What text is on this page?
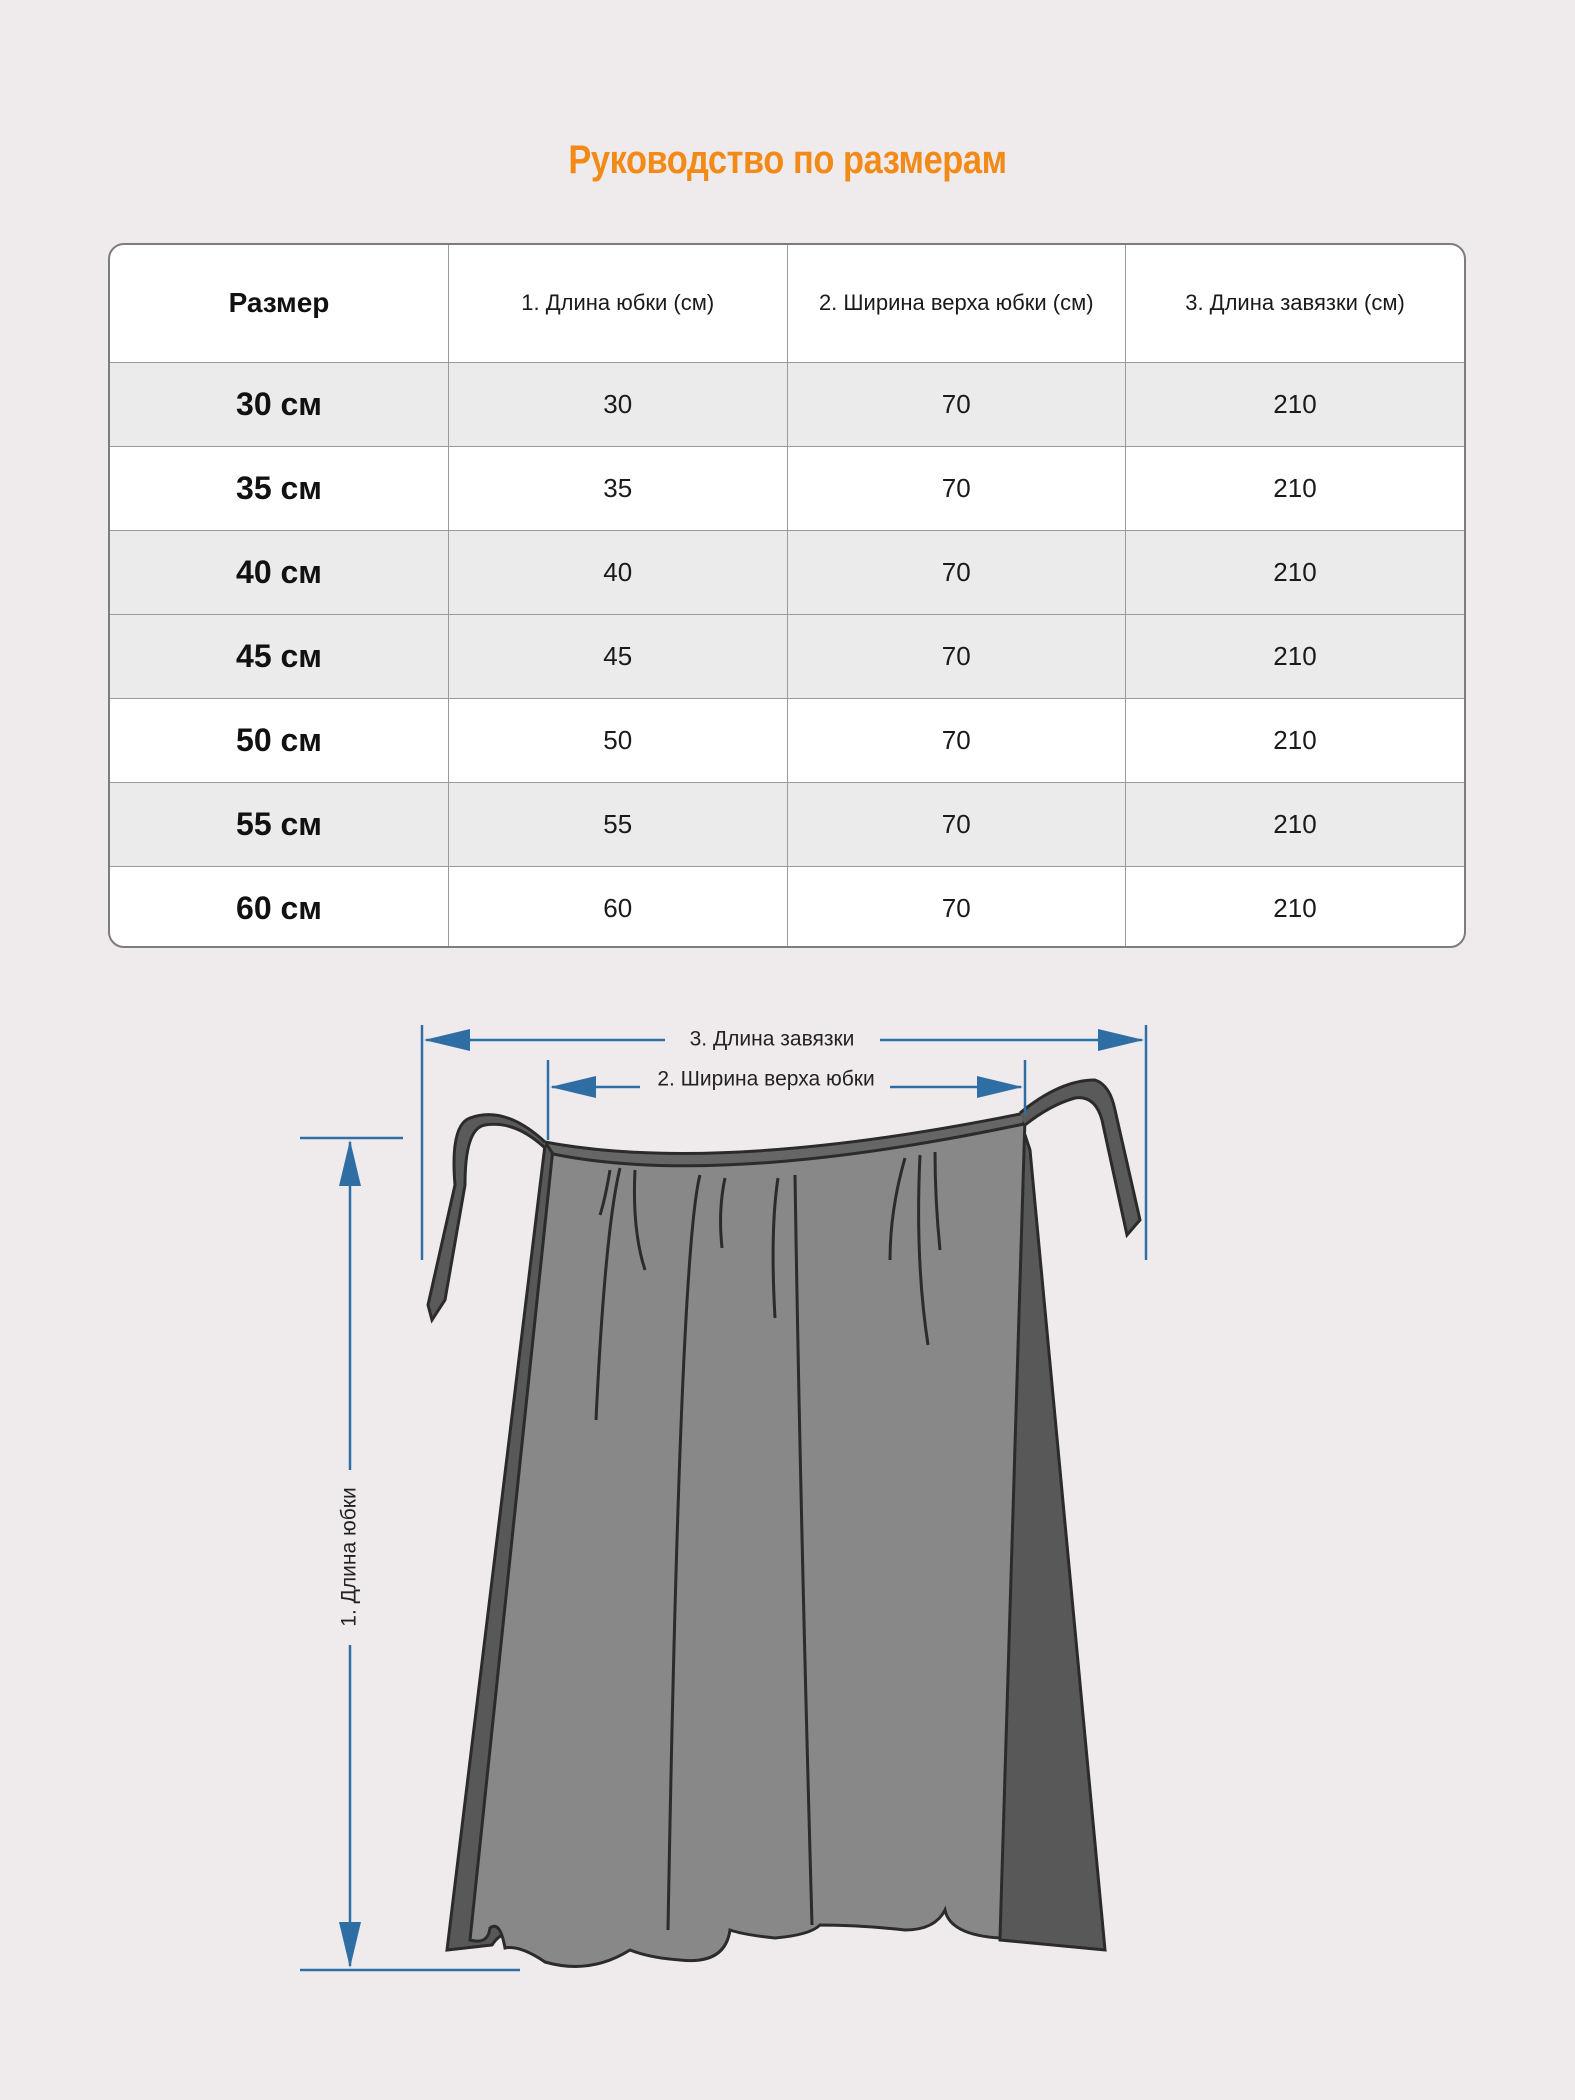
Руководство по размерам
Размер	1. Длина юбки (см)	2. Ширина верха юбки (см)	3. Длина завязки (см)
30 см	30	70	210
35 см	35	70	210
40 см	40	70	210
45 см	45	70	210
50 см	50	70	210
55 см	55	70	210
60 см	60	70	210
3. Длина завязки
2. Ширина верха юбки
1. Длина юбки
